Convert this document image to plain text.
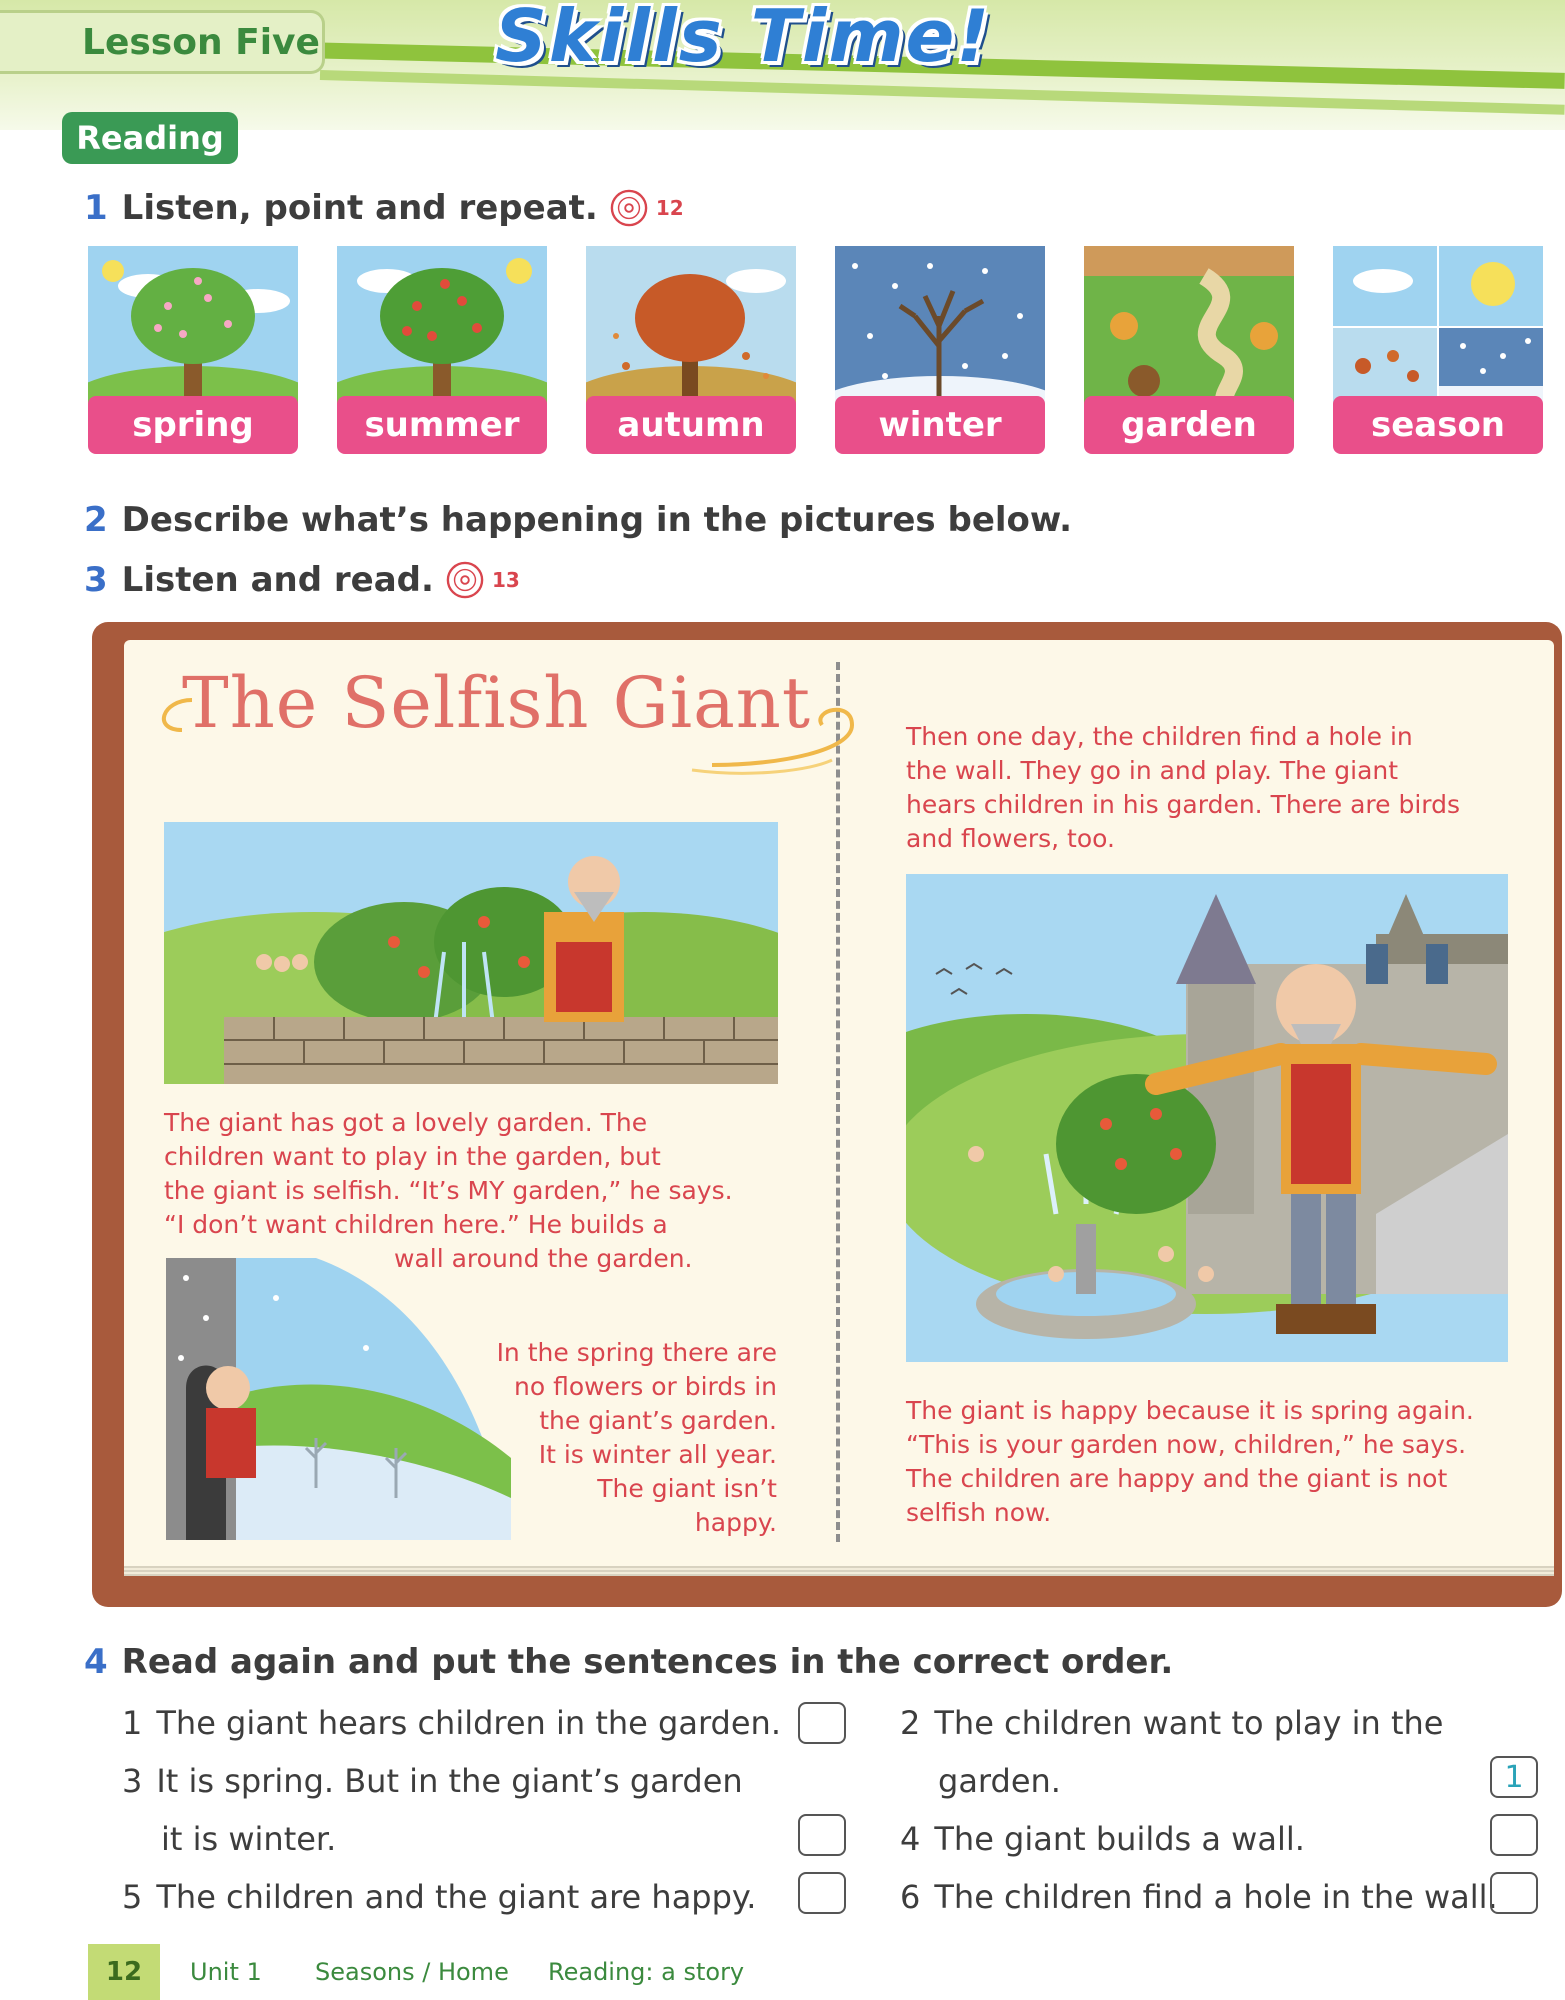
Lesson Five Skills Time!
Reading
1 Listen, point and repeat.	12
spring	summer	autumn	winter	garden	season
2 Describe what’s happening in the pictures below.
3 Listen and read.	13
The Selfish Giant
The giant has got a lovely garden. The
children want to play in the garden, but
the giant is selfish. “It’s MY garden,” he says.
“I don’t want children here.” He builds a
wall around the garden.
In the spring there are
no flowers or birds in
the giant’s garden.
It is winter all year.
The giant isn’t
happy.
Then one day, the children find a hole in
the wall. They go in and play. The giant
hears children in his garden. There are birds
and flowers, too.
The giant is happy because it is spring again.
“This is your garden now, children,” he says.
The children are happy and the giant is not
selfish now.
4 Read again and put the sentences in the correct order.
1 The giant hears children in the garden.	2 The children want to play in the
garden.	1
3 It is spring. But in the giant’s garden
it is winter.	4 The giant builds a wall.
5 The children and the giant are happy.	6 The children find a hole in the wall.
12	Unit 1 Seasons / Home Reading: a story
